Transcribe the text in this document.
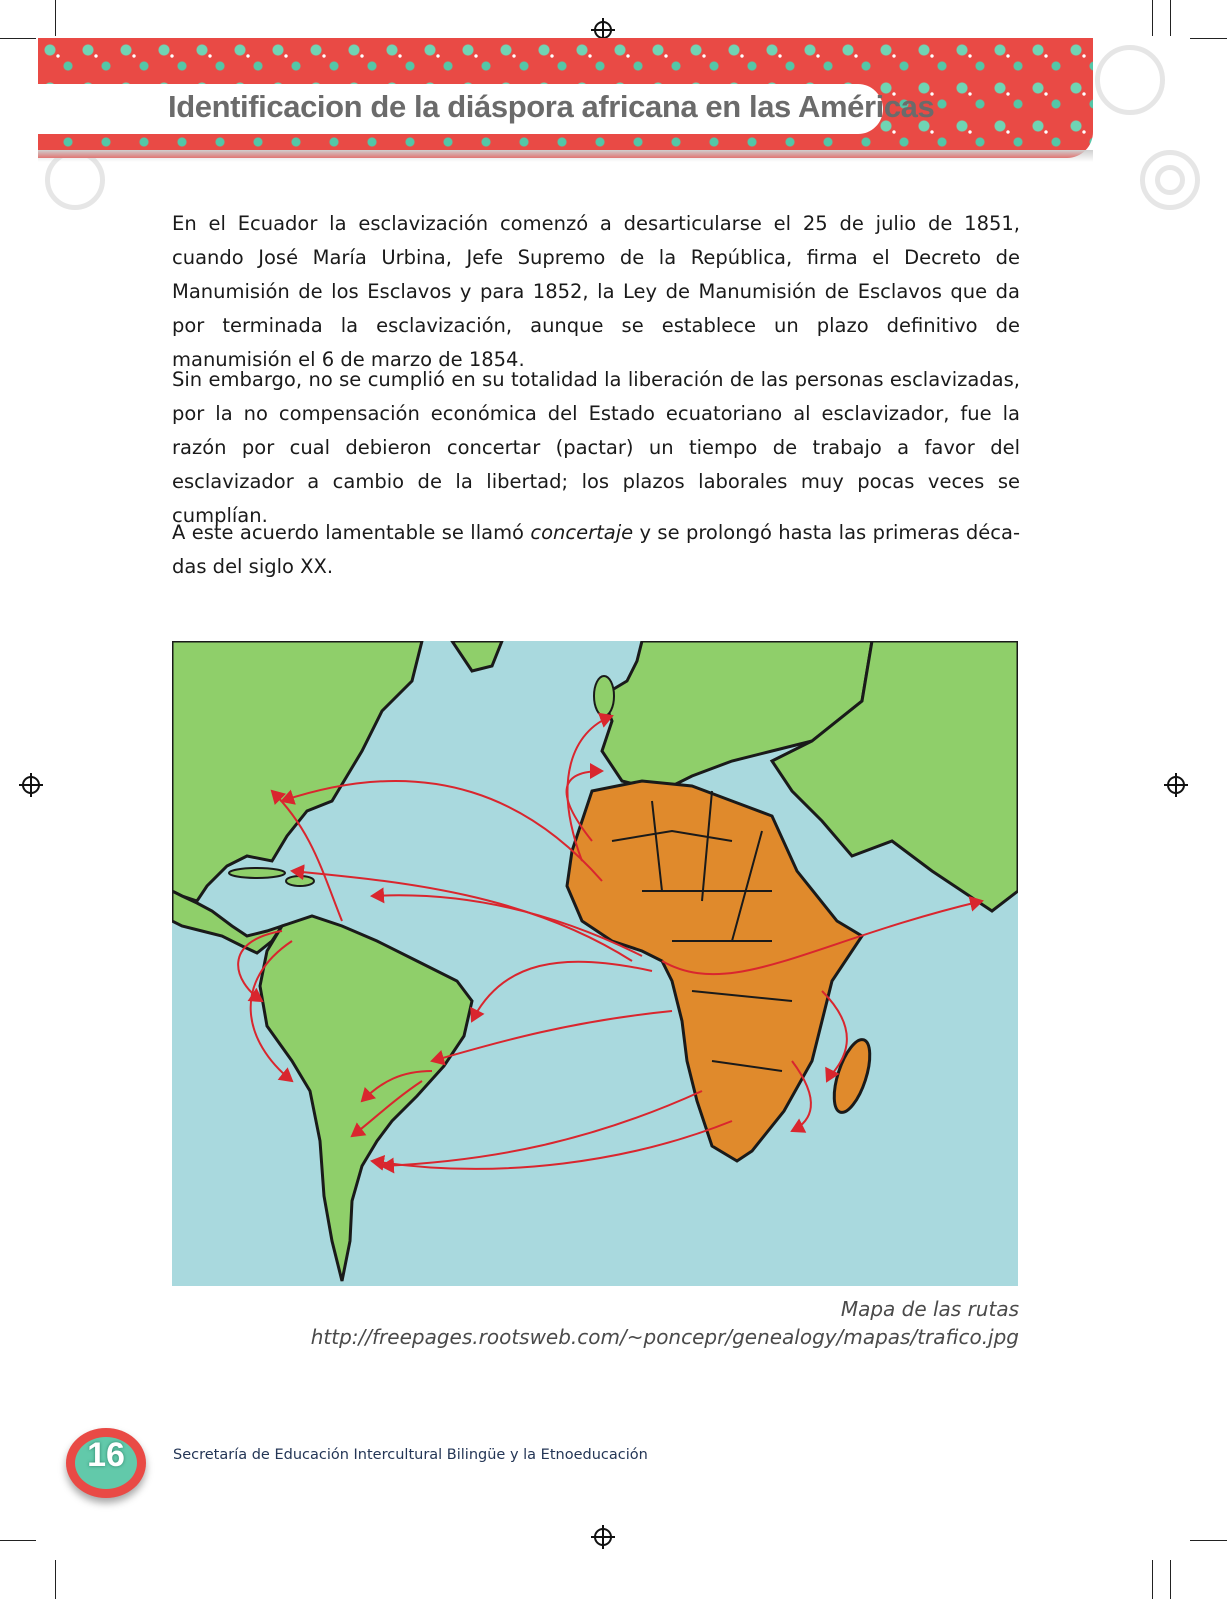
Identificacion de la diáspora africana en las Américas

En el Ecuador la esclavización comenzó a desarticularse el 25 de julio de 1851, cuando José María Urbina, Jefe Supremo de la República, firma el Decreto de Manumisión de los Esclavos y para 1852, la Ley de Manumisión de Esclavos que da por terminada la esclavización, aunque se establece un plazo definitivo de manumisión el 6 de marzo de 1854.

Sin embargo, no se cumplió en su totalidad la liberación de las personas esclavizadas, por la no compensación económica del Estado ecuatoriano al esclavizador, fue la razón por cual debieron concertar (pactar) un tiempo de trabajo a favor del esclavizador a cambio de la libertad; los plazos laborales muy pocas veces se cumplían.

A este acuerdo lamentable se llamó concertaje y se prolongó hasta las primeras décadas del siglo XX.

Mapa de las rutas
http://freepages.rootsweb.com/~poncepr/genealogy/mapas/trafico.jpg
16	Secretaría de Educación Intercultural Bilingüe y la Etnoeducación
